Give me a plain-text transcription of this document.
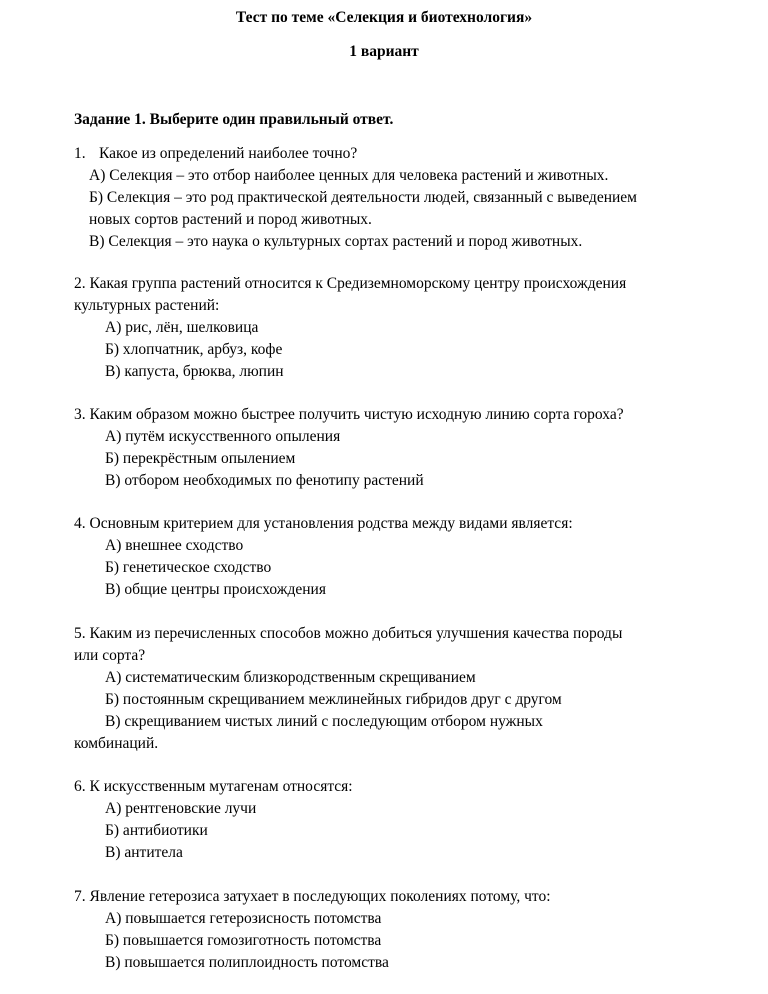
Тест по теме «Селекция и биотехнология»
1 вариант
Задание 1. Выберите один правильный ответ.
1. Какое из определений наиболее точно?
А) Селекция – это отбор наиболее ценных для человека растений и животных.
Б) Селекция – это род практической деятельности людей, связанный с выведением
новых сортов растений и пород животных.
В) Селекция – это наука о культурных сортах растений и пород животных.
2. Какая группа растений относится к Средиземноморскому центру происхождения
культурных растений:
А) рис, лён, шелковица
Б) хлопчатник, арбуз, кофе
В) капуста, брюква, люпин
3. Каким образом можно быстрее получить чистую исходную линию сорта гороха?
А) путём искусственного опыления
Б) перекрёстным опылением
В) отбором необходимых по фенотипу растений
4. Основным критерием для установления родства между видами является:
А) внешнее сходство
Б) генетическое сходство
В) общие центры происхождения
5. Каким из перечисленных способов можно добиться улучшения качества породы
или сорта?
А) систематическим близкородственным скрещиванием
Б) постоянным скрещиванием межлинейных гибридов друг с другом
В) скрещиванием чистых линий с последующим отбором нужных
комбинаций.
6. К искусственным мутагенам относятся:
А) рентгеновские лучи
Б) антибиотики
В) антитела
7. Явление гетерозиса затухает в последующих поколениях потому, что:
А) повышается гетерозисность потомства
Б) повышается гомозиготность потомства
В) повышается полиплоидность потомства
